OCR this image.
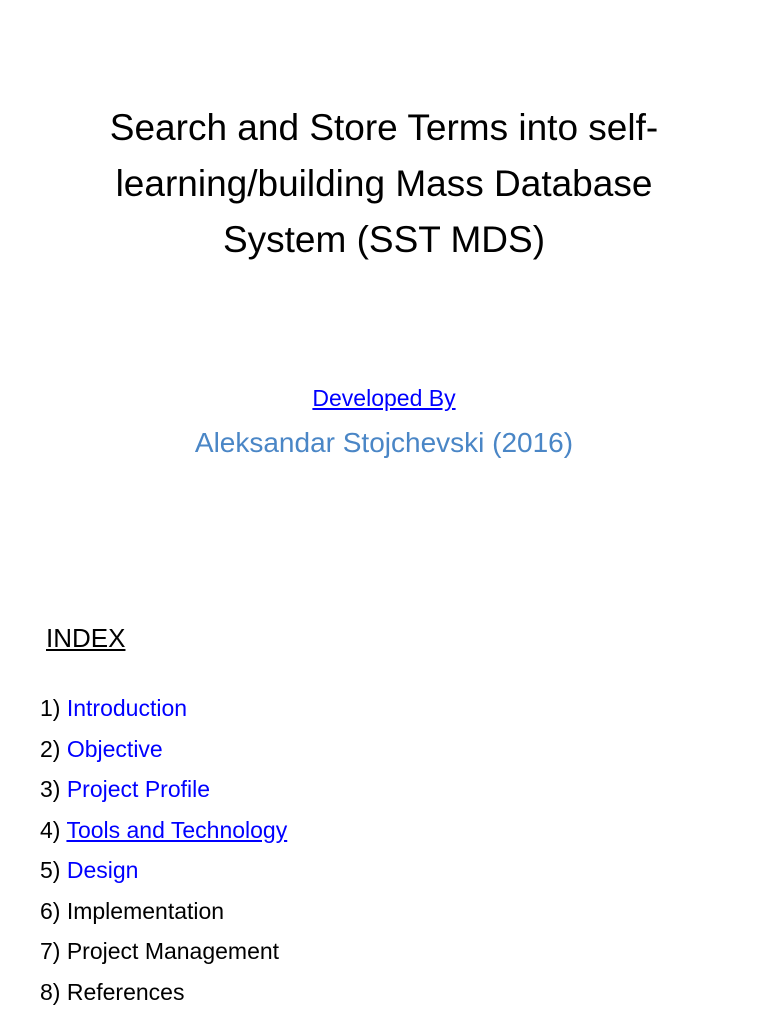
Search and Store Terms into self-
learning/building Mass Database
System (SST MDS)
Developed By
Aleksandar Stojchevski (2016)
INDEX
1) Introduction
2) Objective
3) Project Profile
4) Tools and Technology
5) Design
6) Implementation
7) Project Management
8) References
